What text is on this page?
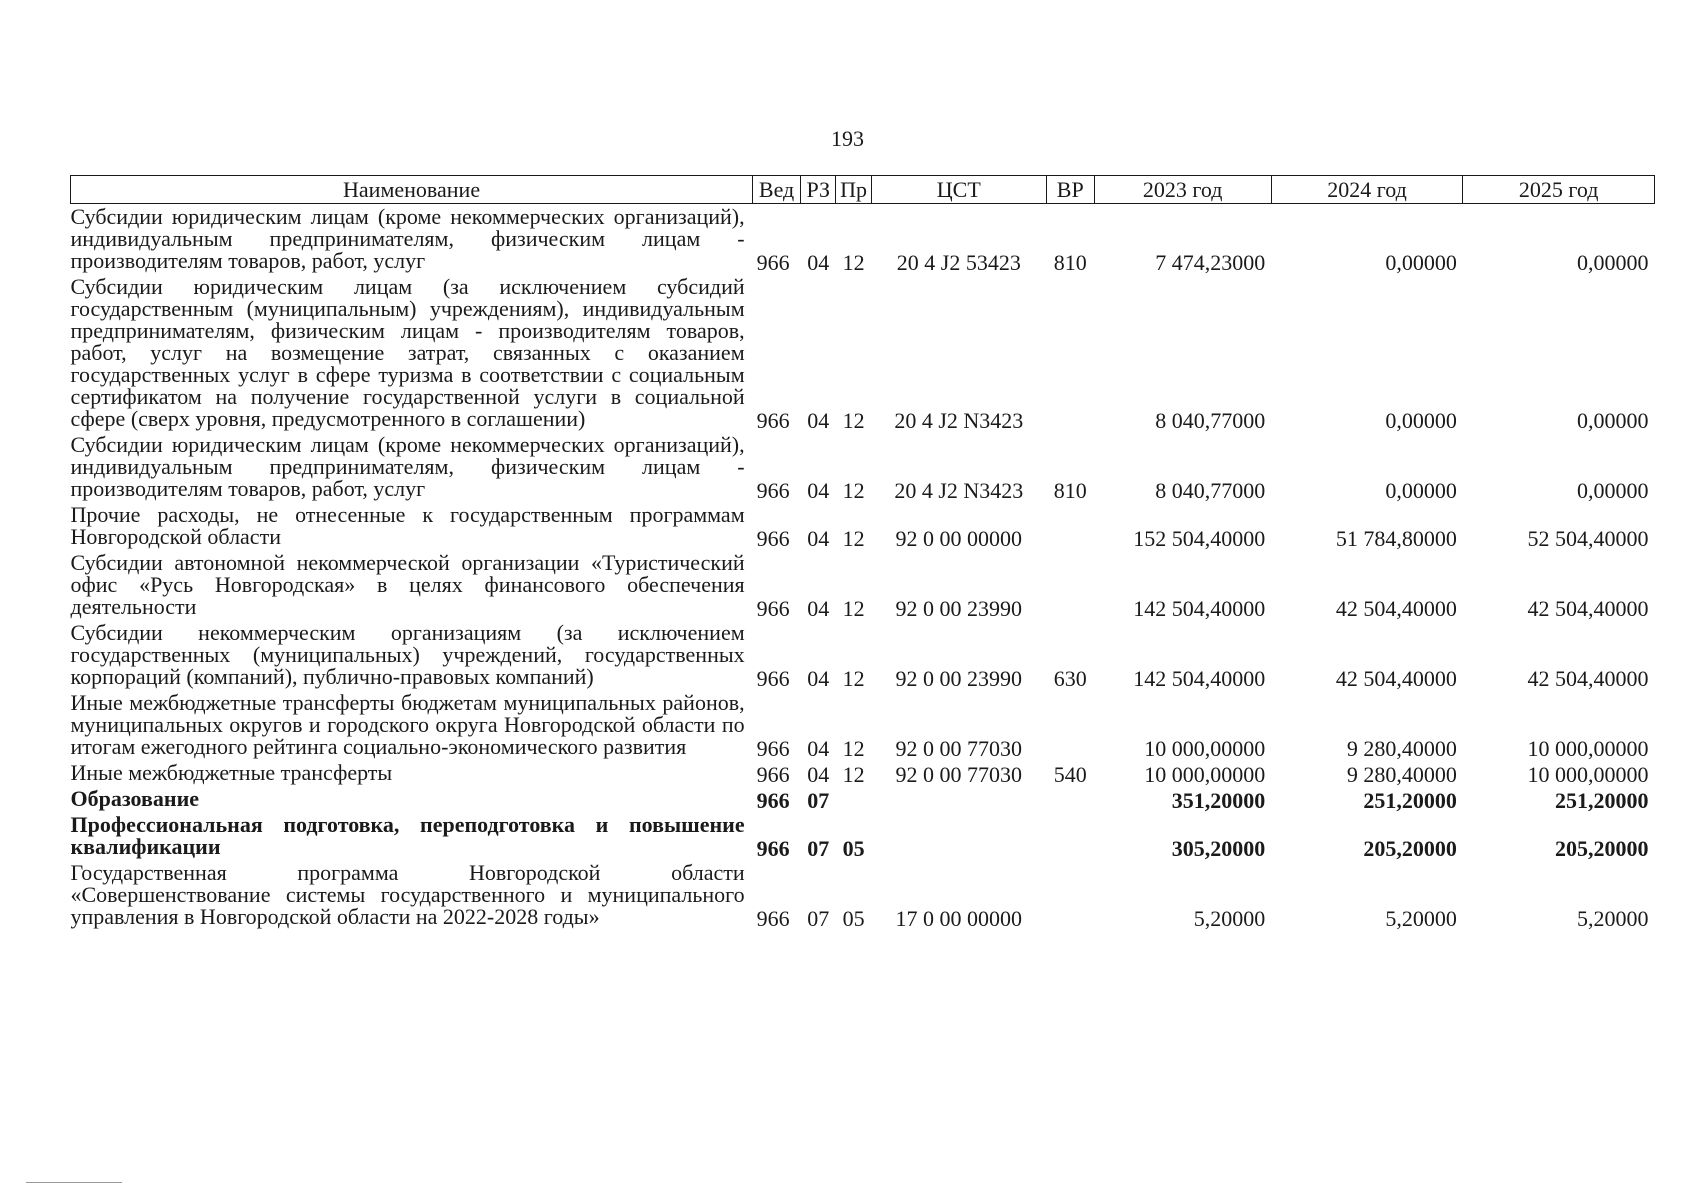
193
Наименование	Вед	РЗ	Пр	ЦСТ	ВР	2023 год	2024 год	2025 год
Субсидии юридическим лицам (кроме некоммерческих организаций), индивидуальным предпринимателям, физическим лицам - производителям товаров, работ, услуг	966	04	12	20 4 J2 53423	810	7 474,23000	0,00000	0,00000
Субсидии юридическим лицам (за исключением субсидий государственным (муниципальным) учреждениям), индивидуальным предпринимателям, физическим лицам - производителям товаров, работ, услуг на возмещение затрат, связанных с оказанием государственных услуг в сфере туризма в соответствии с социальным сертификатом на получение государственной услуги в социальной сфере (сверх уровня, предусмотренного в соглашении)	966	04	12	20 4 J2 N3423		8 040,77000	0,00000	0,00000
Субсидии юридическим лицам (кроме некоммерческих организаций), индивидуальным предпринимателям, физическим лицам - производителям товаров, работ, услуг	966	04	12	20 4 J2 N3423	810	8 040,77000	0,00000	0,00000
Прочие расходы, не отнесенные к государственным программам Новгородской области	966	04	12	92 0 00 00000		152 504,40000	51 784,80000	52 504,40000
Субсидии автономной некоммерческой организации «Туристический офис «Русь Новгородская» в целях финансового обеспечения деятельности	966	04	12	92 0 00 23990		142 504,40000	42 504,40000	42 504,40000
Субсидии некоммерческим организациям (за исключением государственных (муниципальных) учреждений, государственных корпораций (компаний), публично-правовых компаний)	966	04	12	92 0 00 23990	630	142 504,40000	42 504,40000	42 504,40000
Иные межбюджетные трансферты бюджетам муниципальных районов, муниципальных округов и городского округа Новгородской области по итогам ежегодного рейтинга социально-экономического развития	966	04	12	92 0 00 77030		10 000,00000	9 280,40000	10 000,00000
Иные межбюджетные трансферты	966	04	12	92 0 00 77030	540	10 000,00000	9 280,40000	10 000,00000
Образование	966	07				351,20000	251,20000	251,20000
Профессиональная подготовка, переподготовка и повышение квалификации	966	07	05			305,20000	205,20000	205,20000
Государственная программа Новгородской области «Совершенствование системы государственного и муниципального управления в Новгородской области на 2022-2028 годы»	966	07	05	17 0 00 00000		5,20000	5,20000	5,20000
